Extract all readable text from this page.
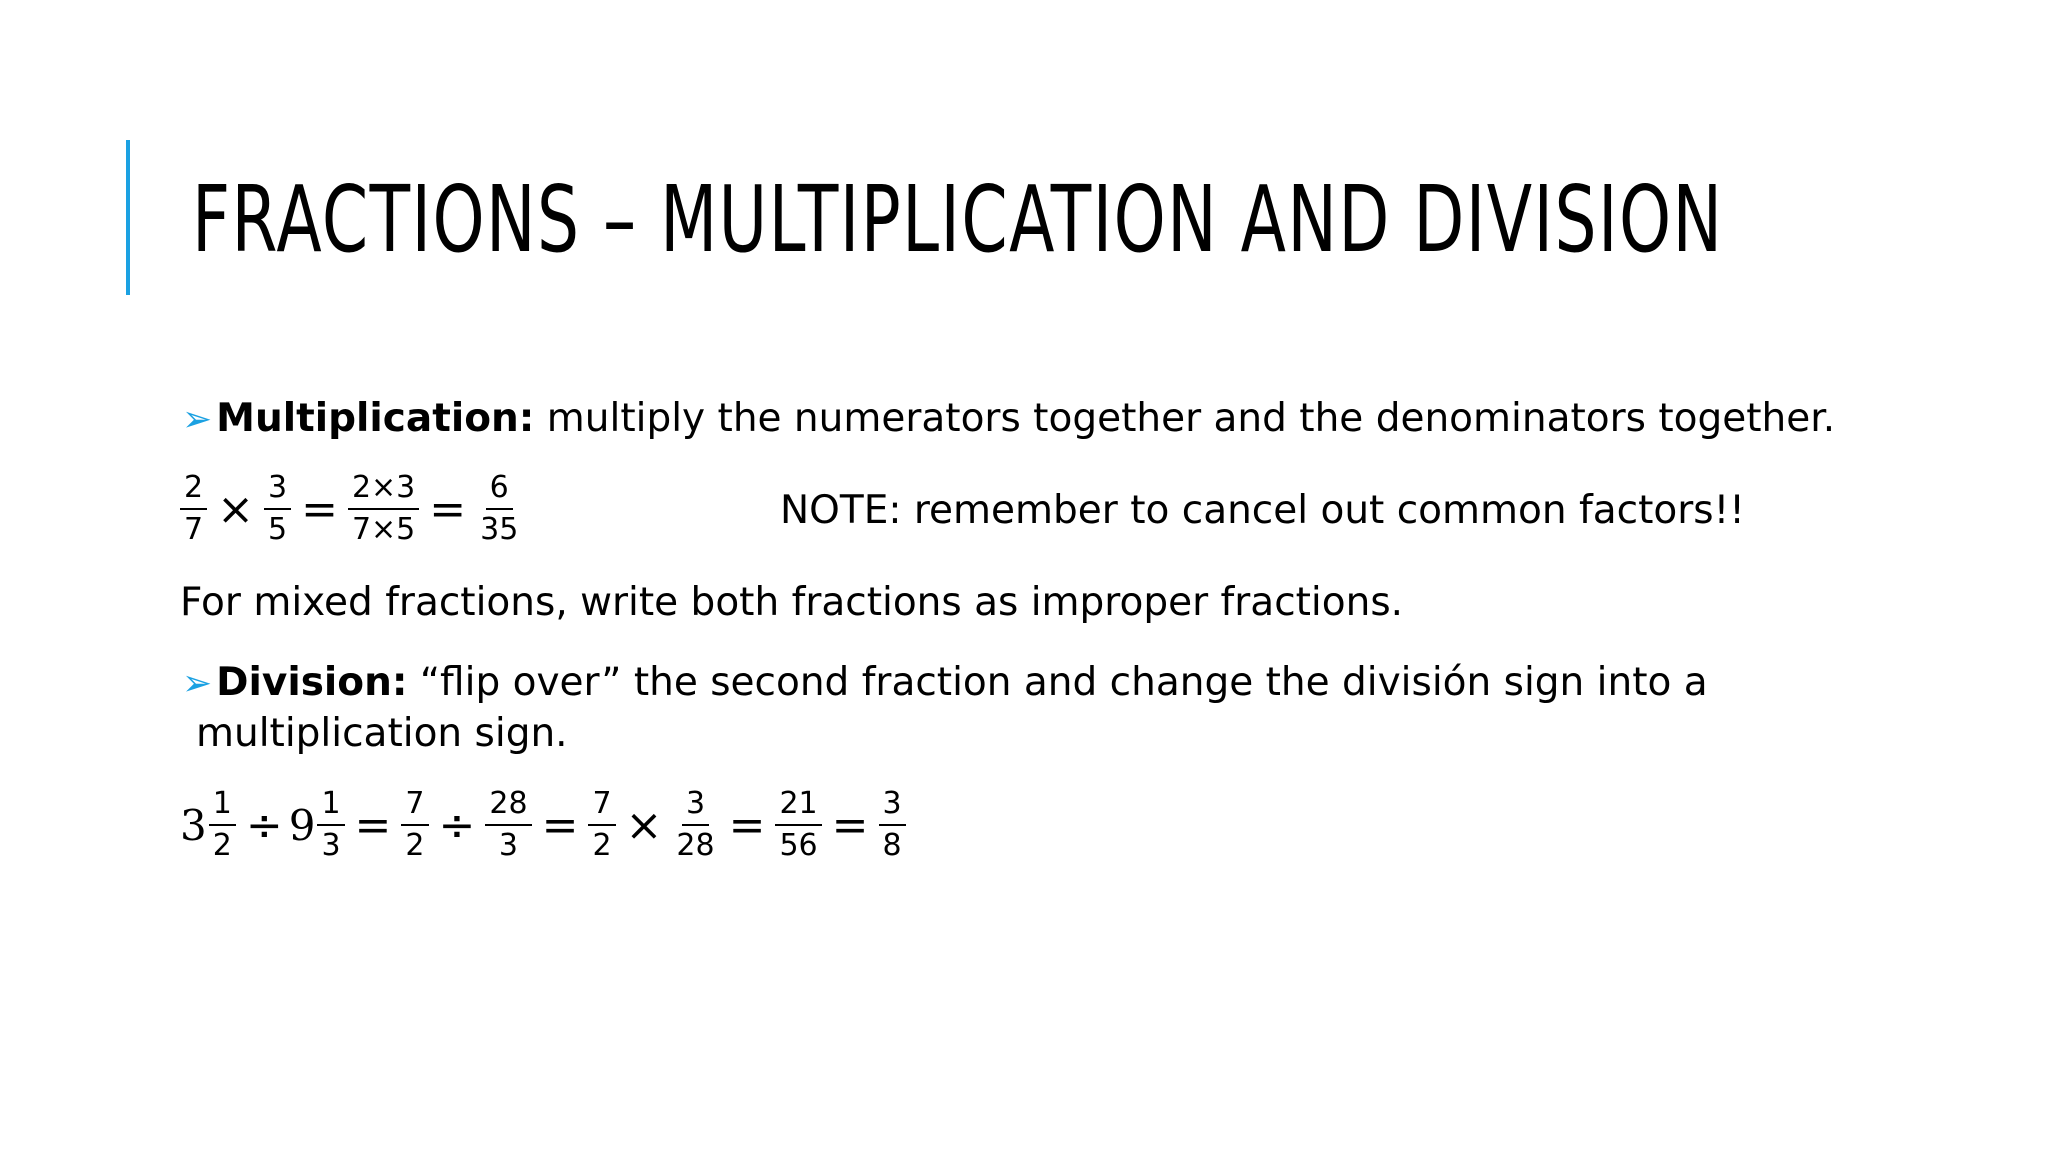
FRACTIONS – MULTIPLICATION AND DIVISION
➢ Multiplication: multiply the numerators together and the denominators together.
$\frac{2}{7} \times \frac{3}{5} = \frac{2\times 3}{7\times 5} = \frac{6}{35}$	NOTE: remember to cancel out common factors!!
For mixed fractions, write both fractions as improper fractions.
➢ Division: “flip over” the second fraction and change the división sign into a
multiplication sign.
$3 \frac{1}{2} \div 9 \frac{1}{3} = \frac{7}{2} \div \frac{28}{3} = \frac{7}{2} \times \frac{3}{28} = \frac{21}{56} = \frac{3}{8}$
